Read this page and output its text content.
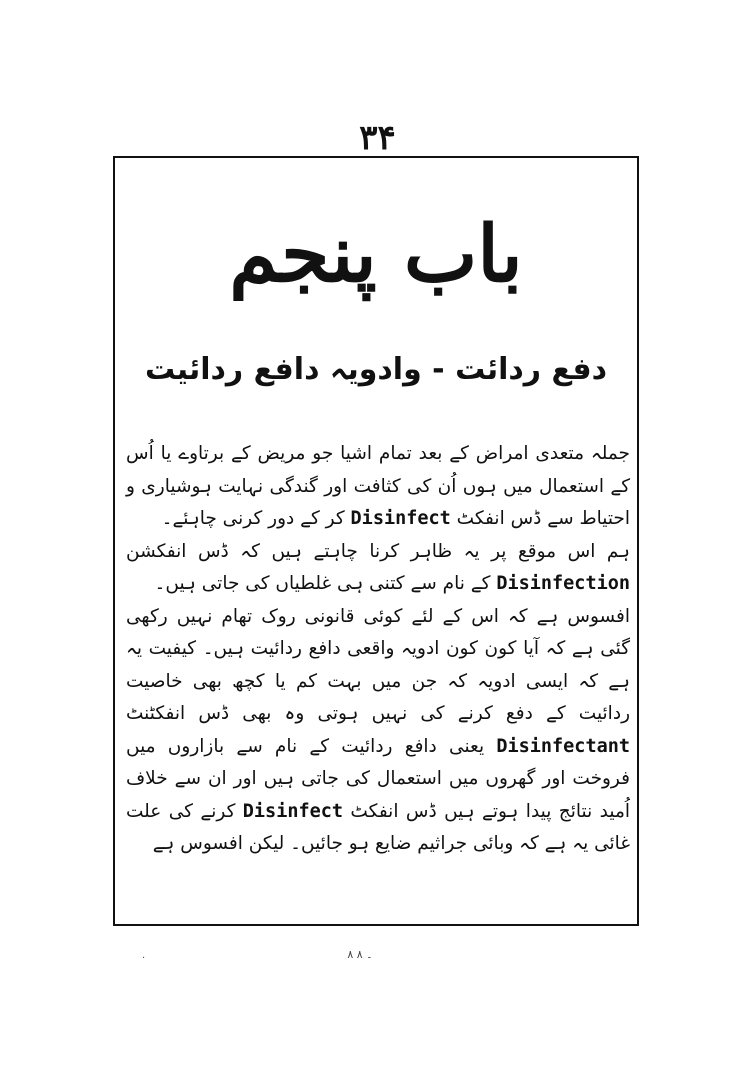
۳۴
باب پنجم
دفع ردائت - وادویہ دافع ردائیت

جملہ متعدی امراض کے بعد تمام اشیا جو مریض کے برتاوے یا اُس کے استعمال میں ہوں اُن کی کثافت اور گندگی نہایت ہوشیاری و احتیاط سے ڈس انفکٹ Disinfect کر کے دور کرنی چاہئے۔

ہم اس موقع پر یہ ظاہر کرنا چاہتے ہیں کہ ڈس انفکشن Disinfection کے نام سے کتنی ہی غلطیاں کی جاتی ہیں۔

افسوس ہے کہ اس کے لئے کوئی قانونی روک تھام نہیں رکھی گئی ہے کہ آیا کون کون ادویہ واقعی دافع ردائیت ہیں۔ کیفیت یہ ہے کہ ایسی ادویہ کہ جن میں بہت کم یا کچھ بھی خاصیت ردائیت کے دفع کرنے کی نہیں ہوتی وہ بھی ڈس انفکٹنٹ Disinfectant یعنی دافع ردائیت کے نام سے بازاروں میں فروخت اور گھروں میں استعمال کی جاتی ہیں اور ان سے خلاف اُمید نتائج پیدا ہوتے ہیں ڈس انفکٹ Disinfect کرنے کی علت غائی یہ ہے کہ وبائی جراثیم ضایع ہو جائیں۔ لیکن افسوس ہے

۔ ۸ ۸
.
